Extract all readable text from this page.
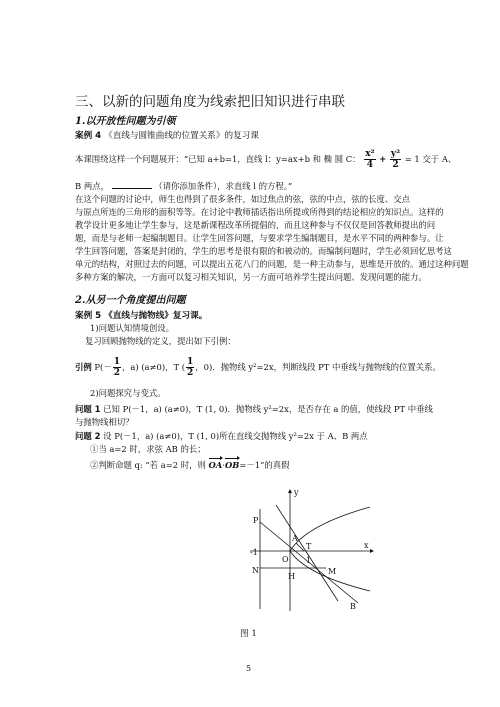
三、以新的问题角度为线索把旧知识进行串联
1.以开放性问题为引领
案例 4 《直线与圆锥曲线的位置关系》的复习课
本课围绕这样一个问题展开：“已知 a+b=1，直线 l：y=ax+b 和 椭 圆 C： $\frac{\text{x²}}{4} + \frac{\text{y²}}{2} = 1$ 交于 A、
B 两点，	（请你添加条件），求直线 l 的方程。”
在这个问题的讨论中，师生也得到了很多条件，如过焦点的弦，弦的中点，弦的长度、交点
与原点所连的三角形的面积等等。在讨论中教师插话指出所提或所得到的结论相应的知识点。这样的
教学设计更多地让学生参与，这是新课程改革所提倡的，而且这种参与不仅仅是回答教师提出的问
题，而是与老师一起编制题目。让学生回答问题，与要求学生编制题目，是水平不同的两种参与。让
学生回答问题，答案是封闭的，学生的思考是很有限的和被动的。而编制问题时，学生必须回忆思考这
单元的结构，对照过去的问题，可以提出五花八门的问题，是一种主动参与，思维是开放的。通过这种问题
多种方案的解决，一方面可以复习相关知识，另一方面可培养学生提出问题、发现问题的能力。
2.从另一个角度提出问题
案例 5 《直线与抛物线》复习课。
1)问题认知情境创设。
复习回顾抛物线的定义，提出如下引例：
引例 $P(- \frac{1}{2}$ ，a) (a≠0)，T ( $\frac{1}{2}$ ，0)．抛物线 y²=2x，判断线段 PT 中垂线与抛物线的位置关系。
2)问题探究与变式。
问题 1 已知 P(－1，a) (a≠0)，T (1, 0)．抛物线 y²=2x，是否存在 a 的值，使线段 PT 中垂线
与抛物线相切？
问题 2 设 P(－1，a) (a≠0)，T (1, 0)所在直线交抛物线 y²=2x 于 A、B 两点
①当 a=2 时，求弦 AB 的长；
②判断命题 q: “若 a=2 时，则 OA·OB=－1”的真假
y
x
P
A
T
O 1
-1
N
H
M
B
图 1
5
